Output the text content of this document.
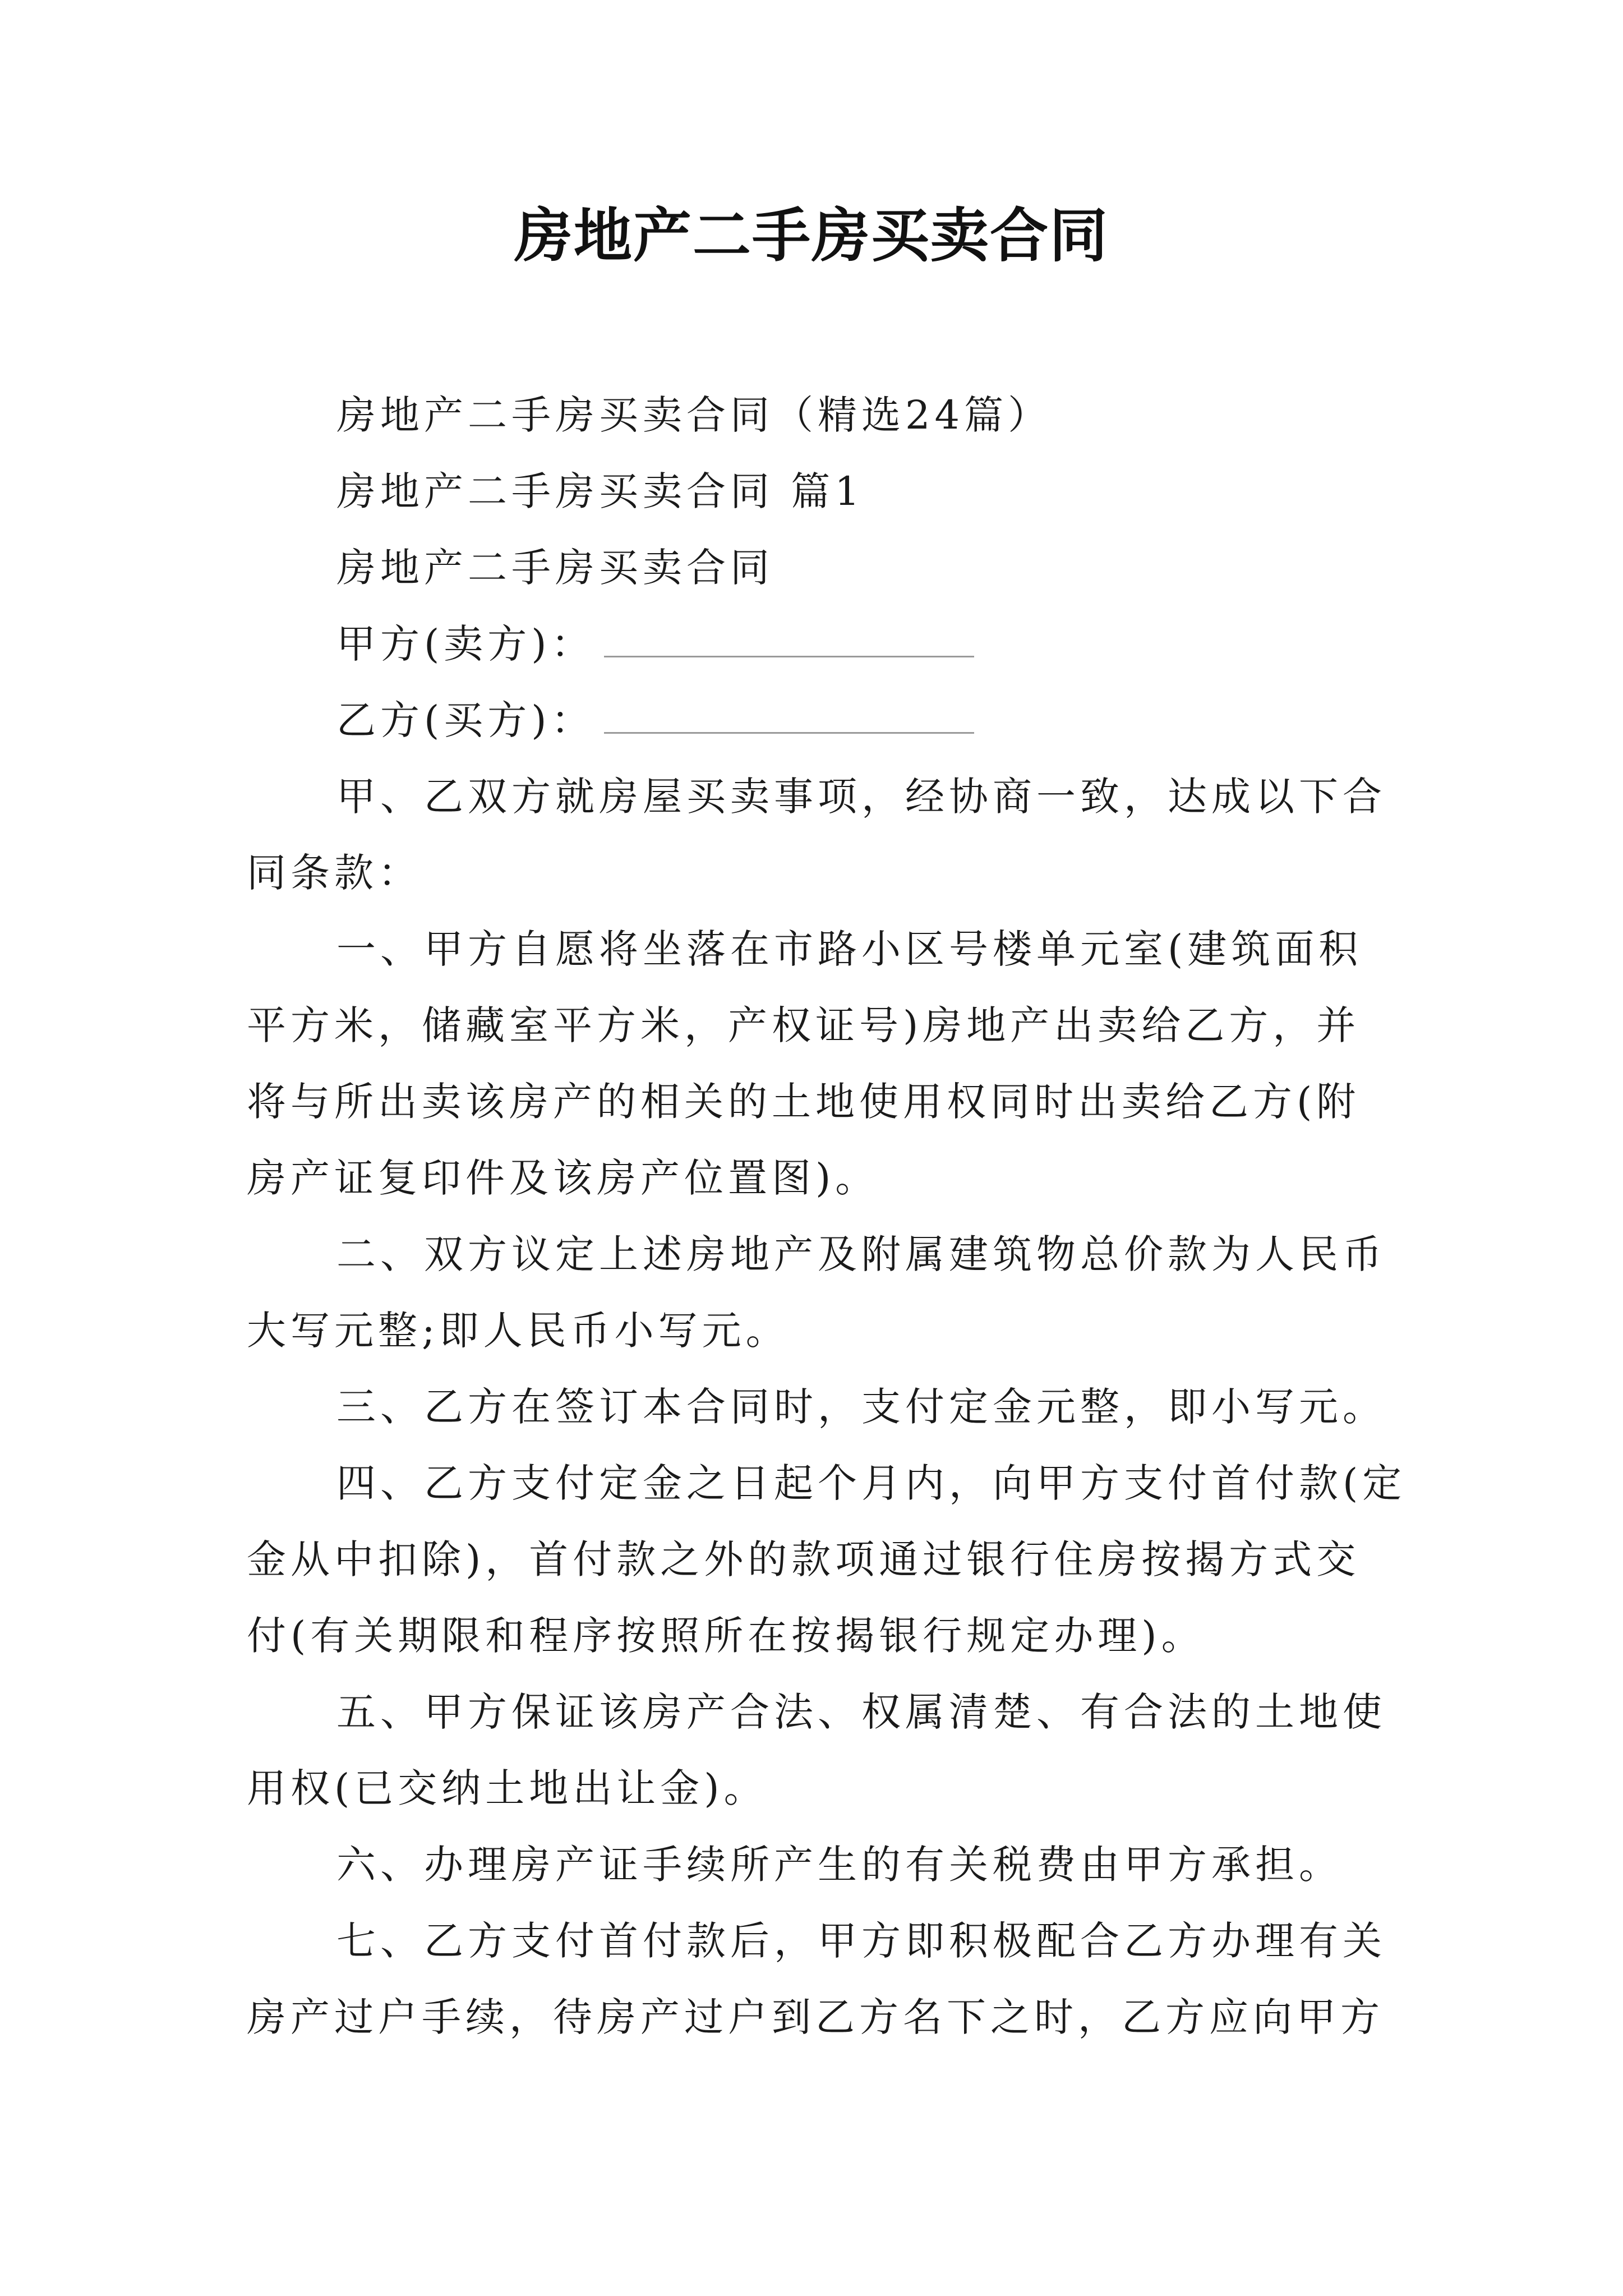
房地产二手房买卖合同
房地产二手房买卖合同（精选24篇）
房地产二手房买卖合同 篇1
房地产二手房买卖合同
甲方(卖方)：
乙方(买方)：
甲、乙双方就房屋买卖事项，经协商一致，达成以下合
同条款：
一、甲方自愿将坐落在市路小区号楼单元室(建筑面积
平方米，储藏室平方米，产权证号)房地产出卖给乙方，并
将与所出卖该房产的相关的土地使用权同时出卖给乙方(附
房产证复印件及该房产位置图)。
二、双方议定上述房地产及附属建筑物总价款为人民币
大写元整;即人民币小写元。
三、乙方在签订本合同时，支付定金元整，即小写元。
四、乙方支付定金之日起个月内，向甲方支付首付款(定
金从中扣除)，首付款之外的款项通过银行住房按揭方式交
付(有关期限和程序按照所在按揭银行规定办理)。
五、甲方保证该房产合法、权属清楚、有合法的土地使
用权(已交纳土地出让金)。
六、办理房产证手续所产生的有关税费由甲方承担。
七、乙方支付首付款后，甲方即积极配合乙方办理有关
房产过户手续，待房产过户到乙方名下之时，乙方应向甲方
